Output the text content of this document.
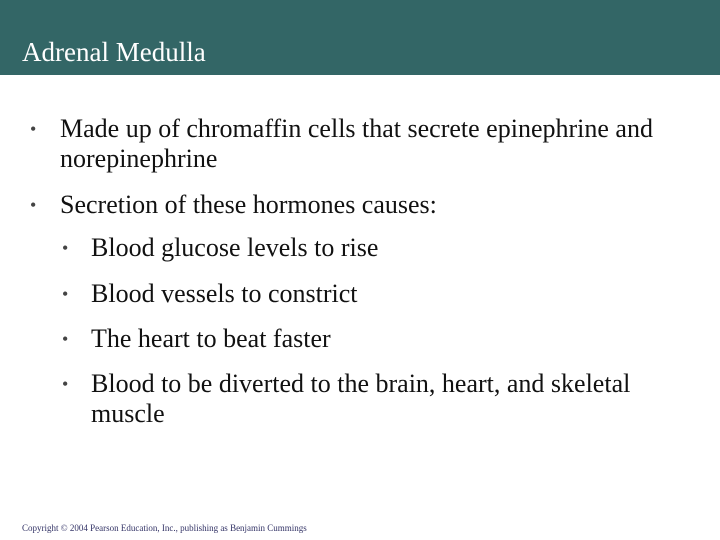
Adrenal Medulla
• Made up of chromaffin cells that secrete epinephrine and norepinephrine
• Secretion of these hormones causes:
• Blood glucose levels to rise
• Blood vessels to constrict
• The heart to beat faster
• Blood to be diverted to the brain, heart, and skeletal muscle
Copyright © 2004 Pearson Education, Inc., publishing as Benjamin Cummings
